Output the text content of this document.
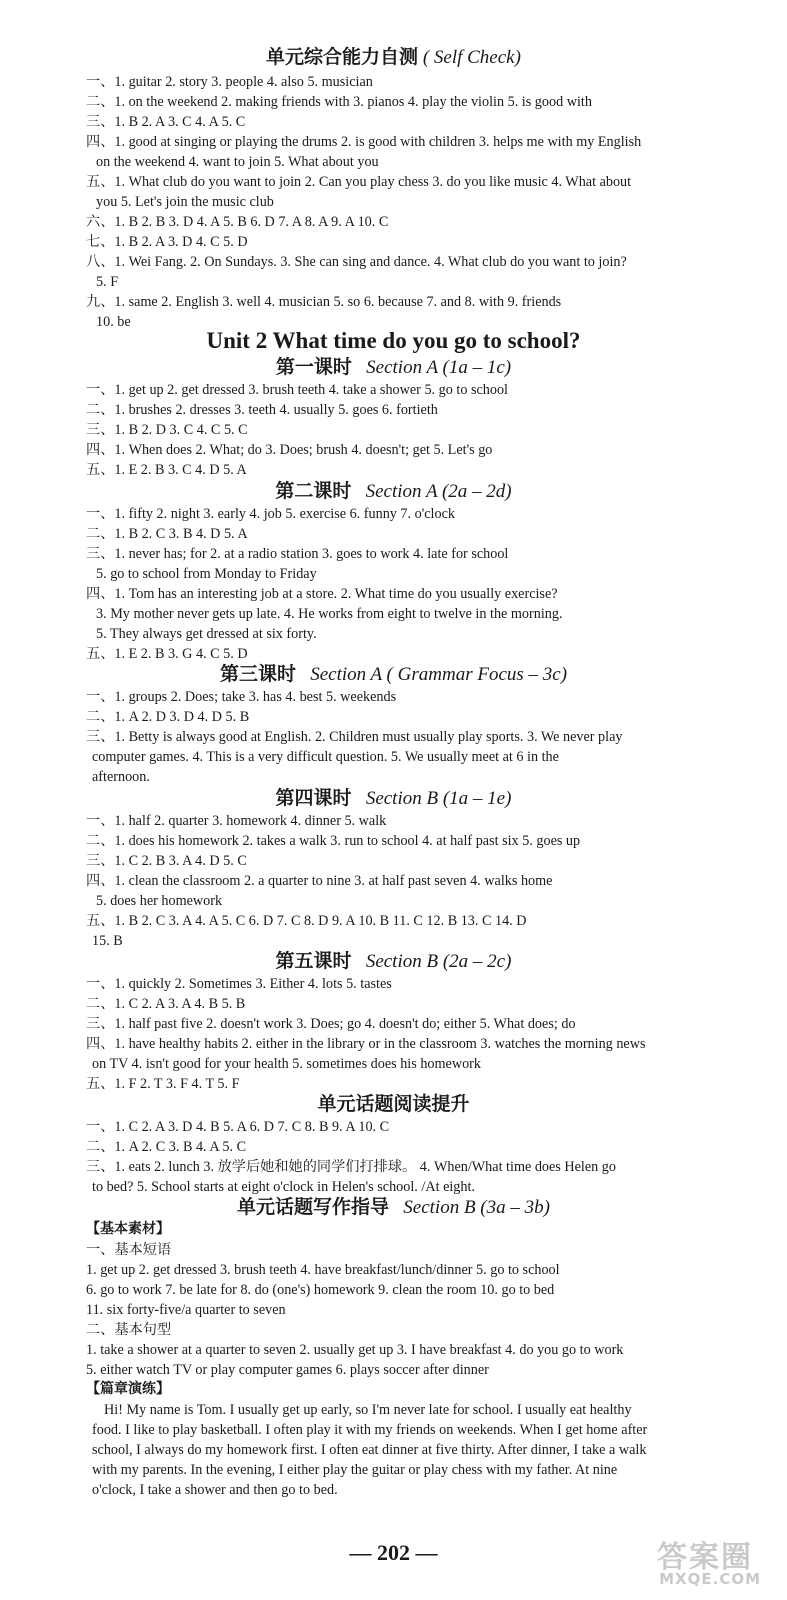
单元综合能力自测 ( Self Check)
一、1. guitar 2. story 3. people 4. also 5. musician
二、1. on the weekend 2. making friends with 3. pianos 4. play the violin 5. is good with
三、1. B 2. A 3. C 4. A 5. C
四、1. good at singing or playing the drums 2. is good with children 3. helps me with my English
on the weekend 4. want to join 5. What about you
五、1. What club do you want to join 2. Can you play chess 3. do you like music 4. What about
you 5. Let's join the music club
六、1. B 2. B 3. D 4. A 5. B 6. D 7. A 8. A 9. A 10. C
七、1. B 2. A 3. D 4. C 5. D
八、1. Wei Fang. 2. On Sundays. 3. She can sing and dance. 4. What club do you want to join?
5. F
九、1. same 2. English 3. well 4. musician 5. so 6. because 7. and 8. with 9. friends
10. be
Unit 2 What time do you go to school?
第一课时 Section A (1a – 1c)
一、1. get up 2. get dressed 3. brush teeth 4. take a shower 5. go to school
二、1. brushes 2. dresses 3. teeth 4. usually 5. goes 6. fortieth
三、1. B 2. D 3. C 4. C 5. C
四、1. When does 2. What; do 3. Does; brush 4. doesn't; get 5. Let's go
五、1. E 2. B 3. C 4. D 5. A
第二课时 Section A (2a – 2d)
一、1. fifty 2. night 3. early 4. job 5. exercise 6. funny 7. o'clock
二、1. B 2. C 3. B 4. D 5. A
三、1. never has; for 2. at a radio station 3. goes to work 4. late for school
5. go to school from Monday to Friday
四、1. Tom has an interesting job at a store. 2. What time do you usually exercise?
3. My mother never gets up late. 4. He works from eight to twelve in the morning.
5. They always get dressed at six forty.
五、1. E 2. B 3. G 4. C 5. D
第三课时 Section A ( Grammar Focus – 3c)
一、1. groups 2. Does; take 3. has 4. best 5. weekends
二、1. A 2. D 3. D 4. D 5. B
三、1. Betty is always good at English. 2. Children must usually play sports. 3. We never play
computer games. 4. This is a very difficult question. 5. We usually meet at 6 in the
afternoon.
第四课时 Section B (1a – 1e)
一、1. half 2. quarter 3. homework 4. dinner 5. walk
二、1. does his homework 2. takes a walk 3. run to school 4. at half past six 5. goes up
三、1. C 2. B 3. A 4. D 5. C
四、1. clean the classroom 2. a quarter to nine 3. at half past seven 4. walks home
5. does her homework
五、1. B 2. C 3. A 4. A 5. C 6. D 7. C 8. D 9. A 10. B 11. C 12. B 13. C 14. D
15. B
第五课时 Section B (2a – 2c)
一、1. quickly 2. Sometimes 3. Either 4. lots 5. tastes
二、1. C 2. A 3. A 4. B 5. B
三、1. half past five 2. doesn't work 3. Does; go 4. doesn't do; either 5. What does; do
四、1. have healthy habits 2. either in the library or in the classroom 3. watches the morning news
on TV 4. isn't good for your health 5. sometimes does his homework
五、1. F 2. T 3. F 4. T 5. F
单元话题阅读提升
一、1. C 2. A 3. D 4. B 5. A 6. D 7. C 8. B 9. A 10. C
二、1. A 2. C 3. B 4. A 5. C
三、1. eats 2. lunch 3. 放学后她和她的同学们打排球。 4. When/What time does Helen go
to bed? 5. School starts at eight o'clock in Helen's school. /At eight.
单元话题写作指导 Section B (3a – 3b)
【基本素材】
一、基本短语
1. get up 2. get dressed 3. brush teeth 4. have breakfast/lunch/dinner 5. go to school
6. go to work 7. be late for 8. do (one's) homework 9. clean the room 10. go to bed
11. six forty-five/a quarter to seven
二、基本句型
1. take a shower at a quarter to seven 2. usually get up 3. I have breakfast 4. do you go to work
5. either watch TV or play computer games 6. plays soccer after dinner
【篇章演练】
Hi! My name is Tom. I usually get up early, so I'm never late for school. I usually eat healthy
food. I like to play basketball. I often play it with my friends on weekends. When I get home after
school, I always do my homework first. I often eat dinner at five thirty. After dinner, I take a walk
with my parents. In the evening, I either play the guitar or play chess with my father. At nine
o'clock, I take a shower and then go to bed.
— 202 —	答案圈
MXQE.COM
